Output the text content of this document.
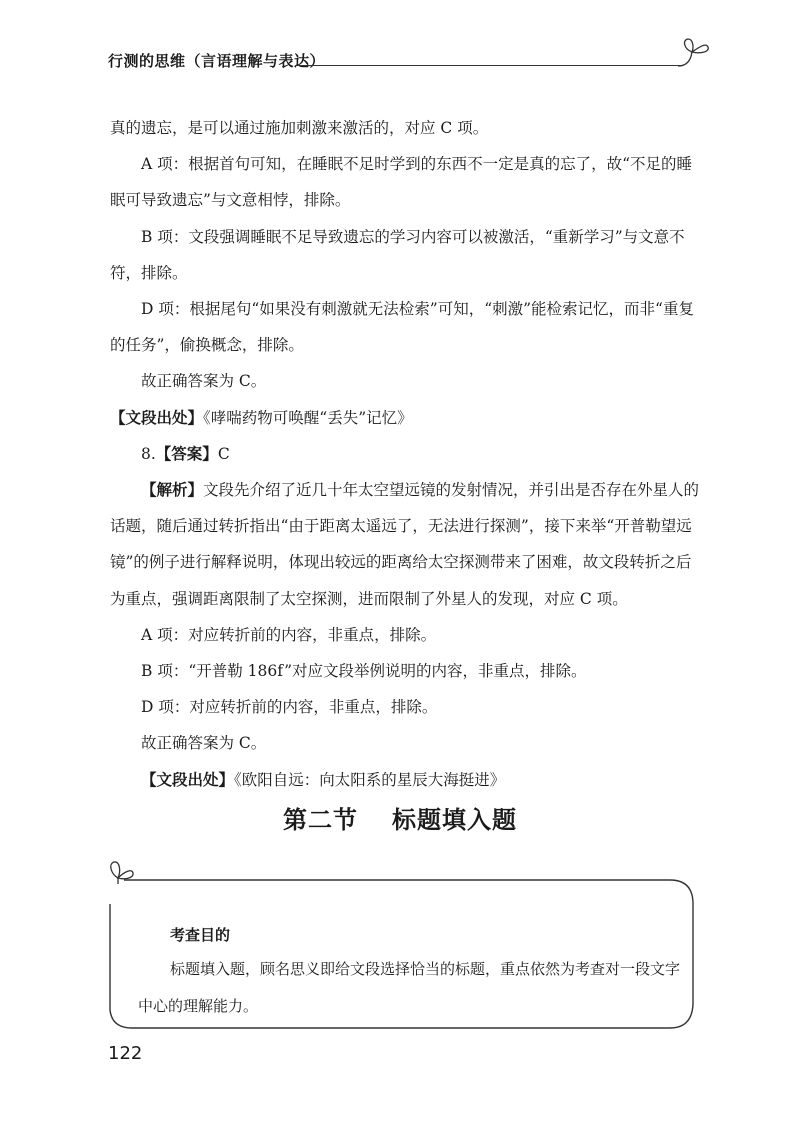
行测的思维（言语理解与表达）

真的遗忘，是可以通过施加刺激来激活的，对应 C 项。

A 项：根据首句可知，在睡眠不足时学到的东西不一定是真的忘了，故“不足的睡眠可导致遗忘”与文意相悖，排除。

B 项：文段强调睡眠不足导致遗忘的学习内容可以被激活，“重新学习”与文意不符，排除。

D 项：根据尾句“如果没有刺激就无法检索”可知，“刺激”能检索记忆，而非“重复的任务”，偷换概念，排除。

故正确答案为 C。

【文段出处】《哮喘药物可唤醒“丢失”记忆》

8.【答案】C

【解析】文段先介绍了近几十年太空望远镜的发射情况，并引出是否存在外星人的话题，随后通过转折指出“由于距离太遥远了，无法进行探测”，接下来举“开普勒望远镜”的例子进行解释说明，体现出较远的距离给太空探测带来了困难，故文段转折之后为重点，强调距离限制了太空探测，进而限制了外星人的发现，对应 C 项。

A 项：对应转折前的内容，非重点，排除。

B 项：“开普勒 186f”对应文段举例说明的内容，非重点，排除。

D 项：对应转折前的内容，非重点，排除。

故正确答案为 C。

【文段出处】《欧阳自远：向太阳系的星辰大海挺进》

第二节 标题填入题
考查目的

标题填入题，顾名思义即给文段选择恰当的标题，重点依然为考查对一段文字中心的理解能力。

122
